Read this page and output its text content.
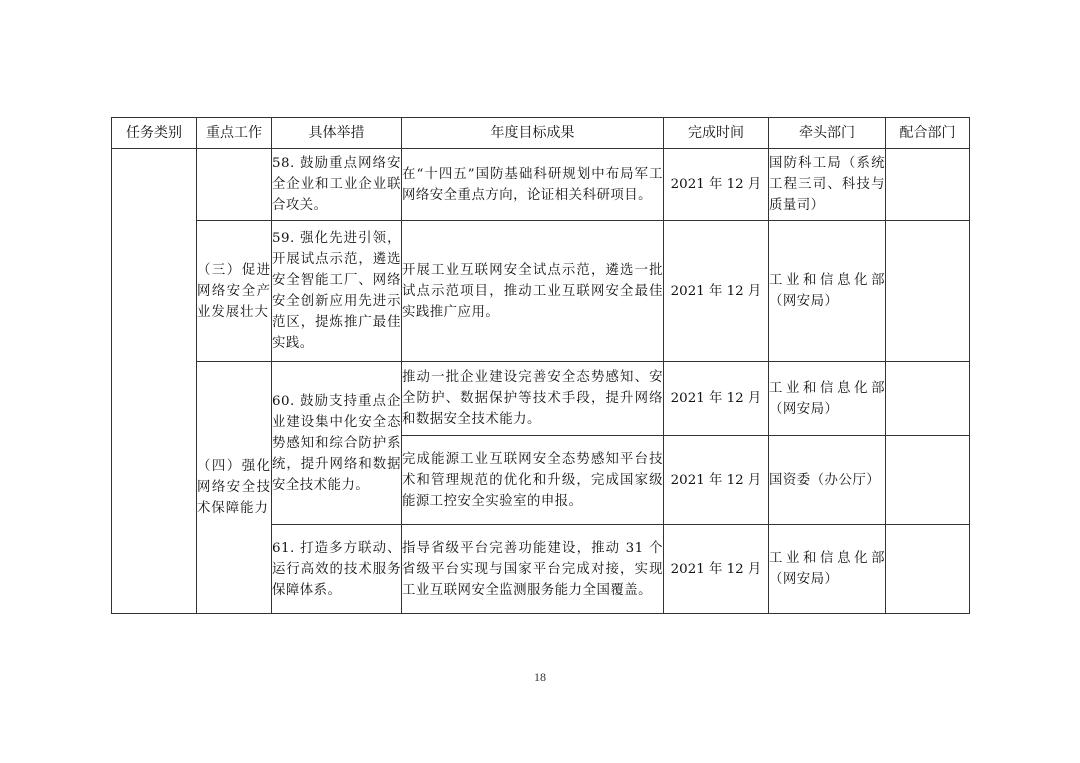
任务类别	重点工作	具体举措	年度目标成果	完成时间	牵头部门	配合部门
		58. 鼓励重点网络安全企业和工业企业联合攻关。	在“十四五”国防基础科研规划中布局军工网络安全重点方向，论证相关科研项目。	2021 年 12 月	国防科工局（系统工程三司、科技与质量司）	
	（三）促进网络安全产业发展壮大	59. 强化先进引领，开展试点示范，遴选安全智能工厂、网络安全创新应用先进示范区，提炼推广最佳实践。	开展工业互联网安全试点示范，遴选一批试点示范项目，推动工业互联网安全最佳实践推广应用。	2021 年 12 月	工业和信息化部（网安局）	
	（四）强化网络安全技术保障能力	60. 鼓励支持重点企业建设集中化安全态势感知和综合防护系统，提升网络和数据安全技术能力。	推动一批企业建设完善安全态势感知、安全防护、数据保护等技术手段，提升网络和数据安全技术能力。	2021 年 12 月	工业和信息化部（网安局）	
			完成能源工业互联网安全态势感知平台技术和管理规范的优化和升级，完成国家级能源工控安全实验室的申报。	2021 年 12 月	国资委（办公厅）	
		61. 打造多方联动、运行高效的技术服务保障体系。	指导省级平台完善功能建设，推动 31 个省级平台实现与国家平台完成对接，实现工业互联网安全监测服务能力全国覆盖。	2021 年 12 月	工业和信息化部（网安局）	
18
